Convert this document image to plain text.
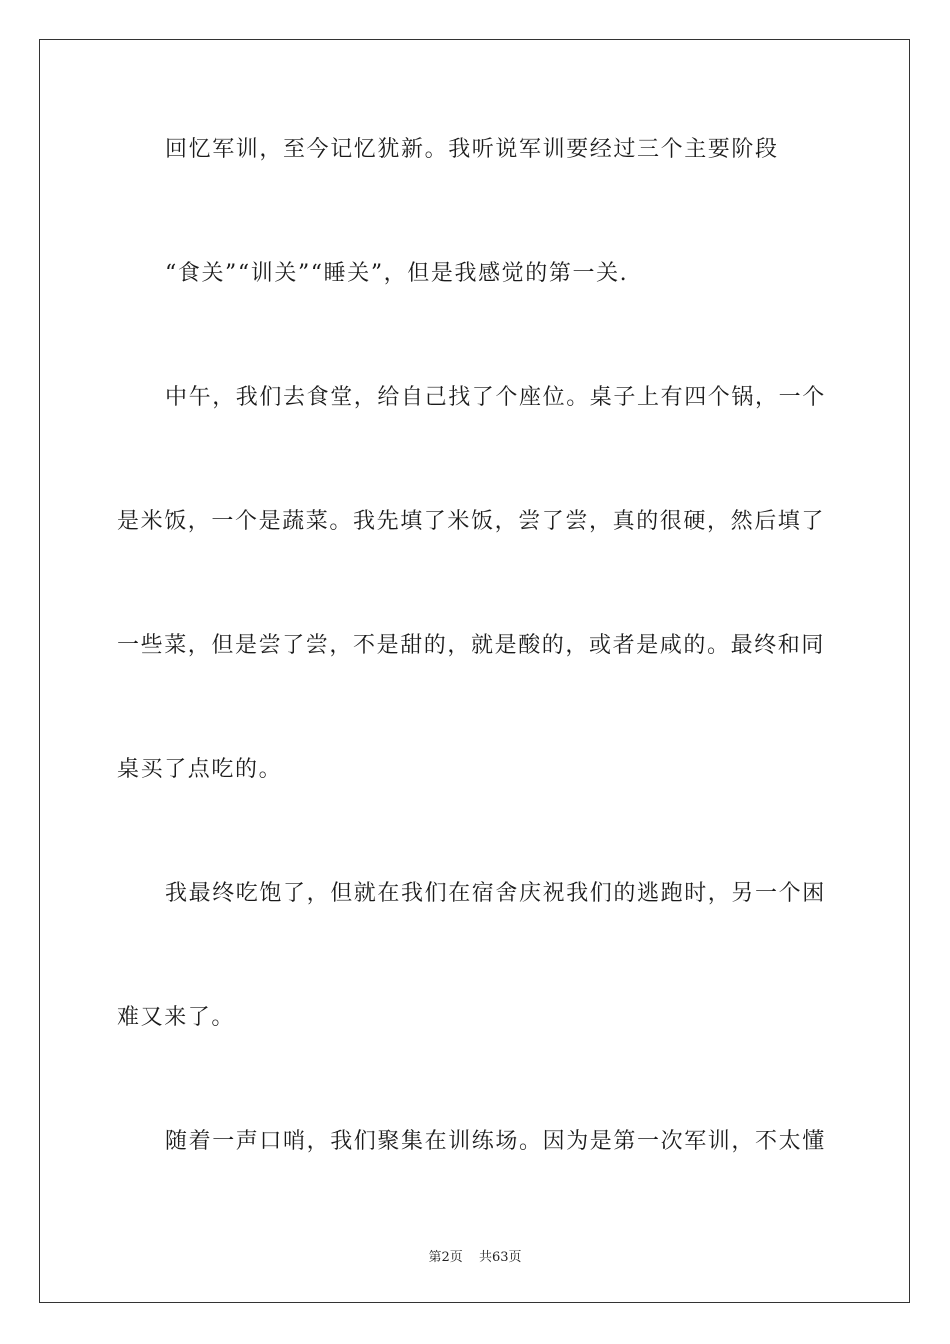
回忆军训，至今记忆犹新。我听说军训要经过三个主要阶段
“食关”“训关”“睡关”，但是我感觉的第一关.
中午，我们去食堂，给自己找了个座位。桌子上有四个锅，一个
是米饭，一个是蔬菜。我先填了米饭，尝了尝，真的很硬，然后填了
一些菜，但是尝了尝，不是甜的，就是酸的，或者是咸的。最终和同
桌买了点吃的。
我最终吃饱了，但就在我们在宿舍庆祝我们的逃跑时，另一个困
难又来了。
随着一声口哨，我们聚集在训练场。因为是第一次军训，不太懂
第2页 共63页
